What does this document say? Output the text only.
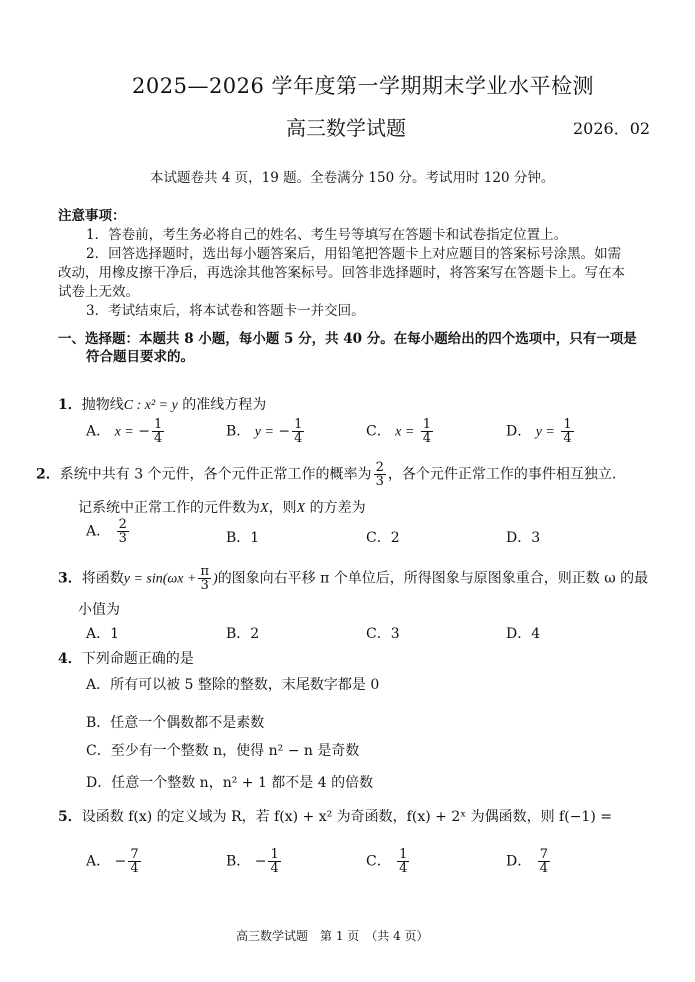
2025—2026 学年度第一学期期末学业水平检测
高三数学试题	2026．02
本试题卷共 4 页，19 题。全卷满分 150 分。考试用时 120 分钟。
注意事项：
1．答卷前，考生务必将自己的姓名、考生号等填写在答题卡和试卷指定位置上。
2．回答选择题时，选出每小题答案后，用铅笔把答题卡上对应题目的答案标号涂黑。如需
改动，用橡皮擦干净后，再选涂其他答案标号。回答非选择题时，将答案写在答题卡上。写在本
试卷上无效。
3．考试结束后，将本试卷和答题卡一并交回。
一、选择题：本题共 8 小题，每小题 5 分，共 40 分。在每小题给出的四个选项中，只有一项是
符合题目要求的。
1．抛物线C : x² = y 的准线方程为
A． x = − $\frac{1}{4}$	B． y = − $\frac{1}{4}$	C． $x = \frac{1}{4}$	D． $y = \frac{1}{4}$
2．系统中共有 3 个元件，各个元件正常工作的概率为 $\frac{2}{3}$ ，各个元件正常工作的事件相互独立.
记系统中正常工作的元件数为X，则X 的方差为
A． $\frac{2}{3}$	B．1	C．2	D．3
3．将函数$y = \sin(\omega x + \frac{\pi}{3}$ )的图象向右平移 π 个单位后，所得图象与原图象重合，则正数 ω 的最
小值为
A．1	B．2	C．3	D．4
4．下列命题正确的是
A．所有可以被 5 整除的整数，末尾数字都是 0
B．任意一个偶数都不是素数
C．至少有一个整数 n，使得 n² − n 是奇数
D．任意一个整数 n，n² + 1 都不是 4 的倍数
5．设函数 f(x) 的定义域为 R，若 f(x) + x² 为奇函数，f(x) + 2ˣ 为偶函数，则 f(−1) =
A． − $\frac{7}{4}$	B． − $\frac{1}{4}$	C． $\frac{1}{4}$	D． $\frac{7}{4}$
高三数学试题　第 1 页　（共 4 页）
